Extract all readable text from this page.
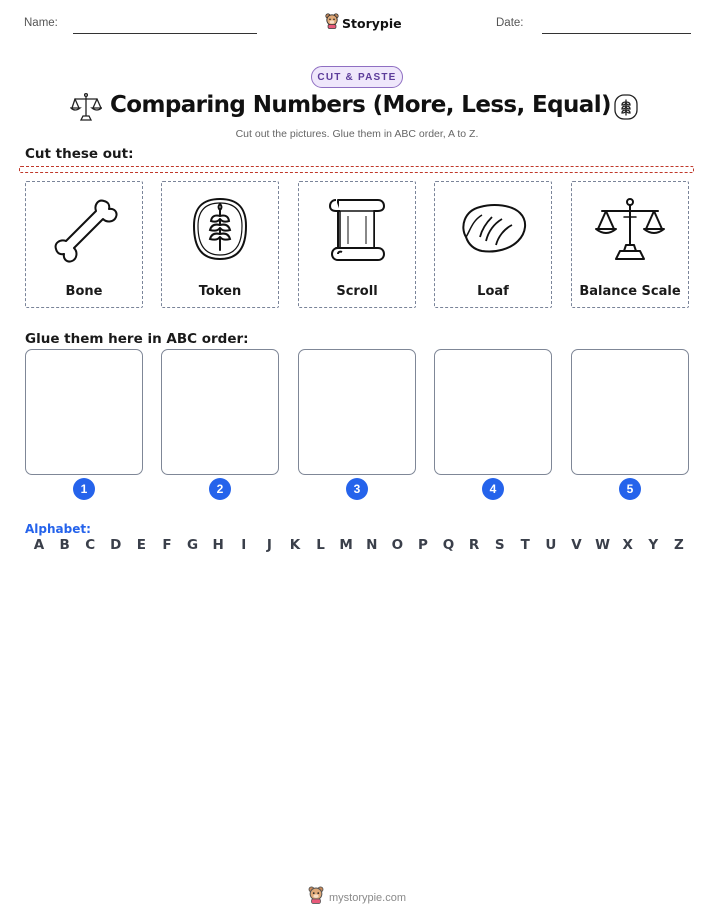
Name:	Storypie	Date:
CUT & PASTE
Comparing Numbers (More, Less, Equal)
Cut out the pictures. Glue them in ABC order, A to Z.
Cut these out:
Bone	Token	Scroll	Loaf	Balance Scale
Glue them here in ABC order:
1	2	3	4	5
Alphabet:
A B C D E F G H	I	J	K L M N O P Q R S T U V W X Y Z
mystorypie.com
